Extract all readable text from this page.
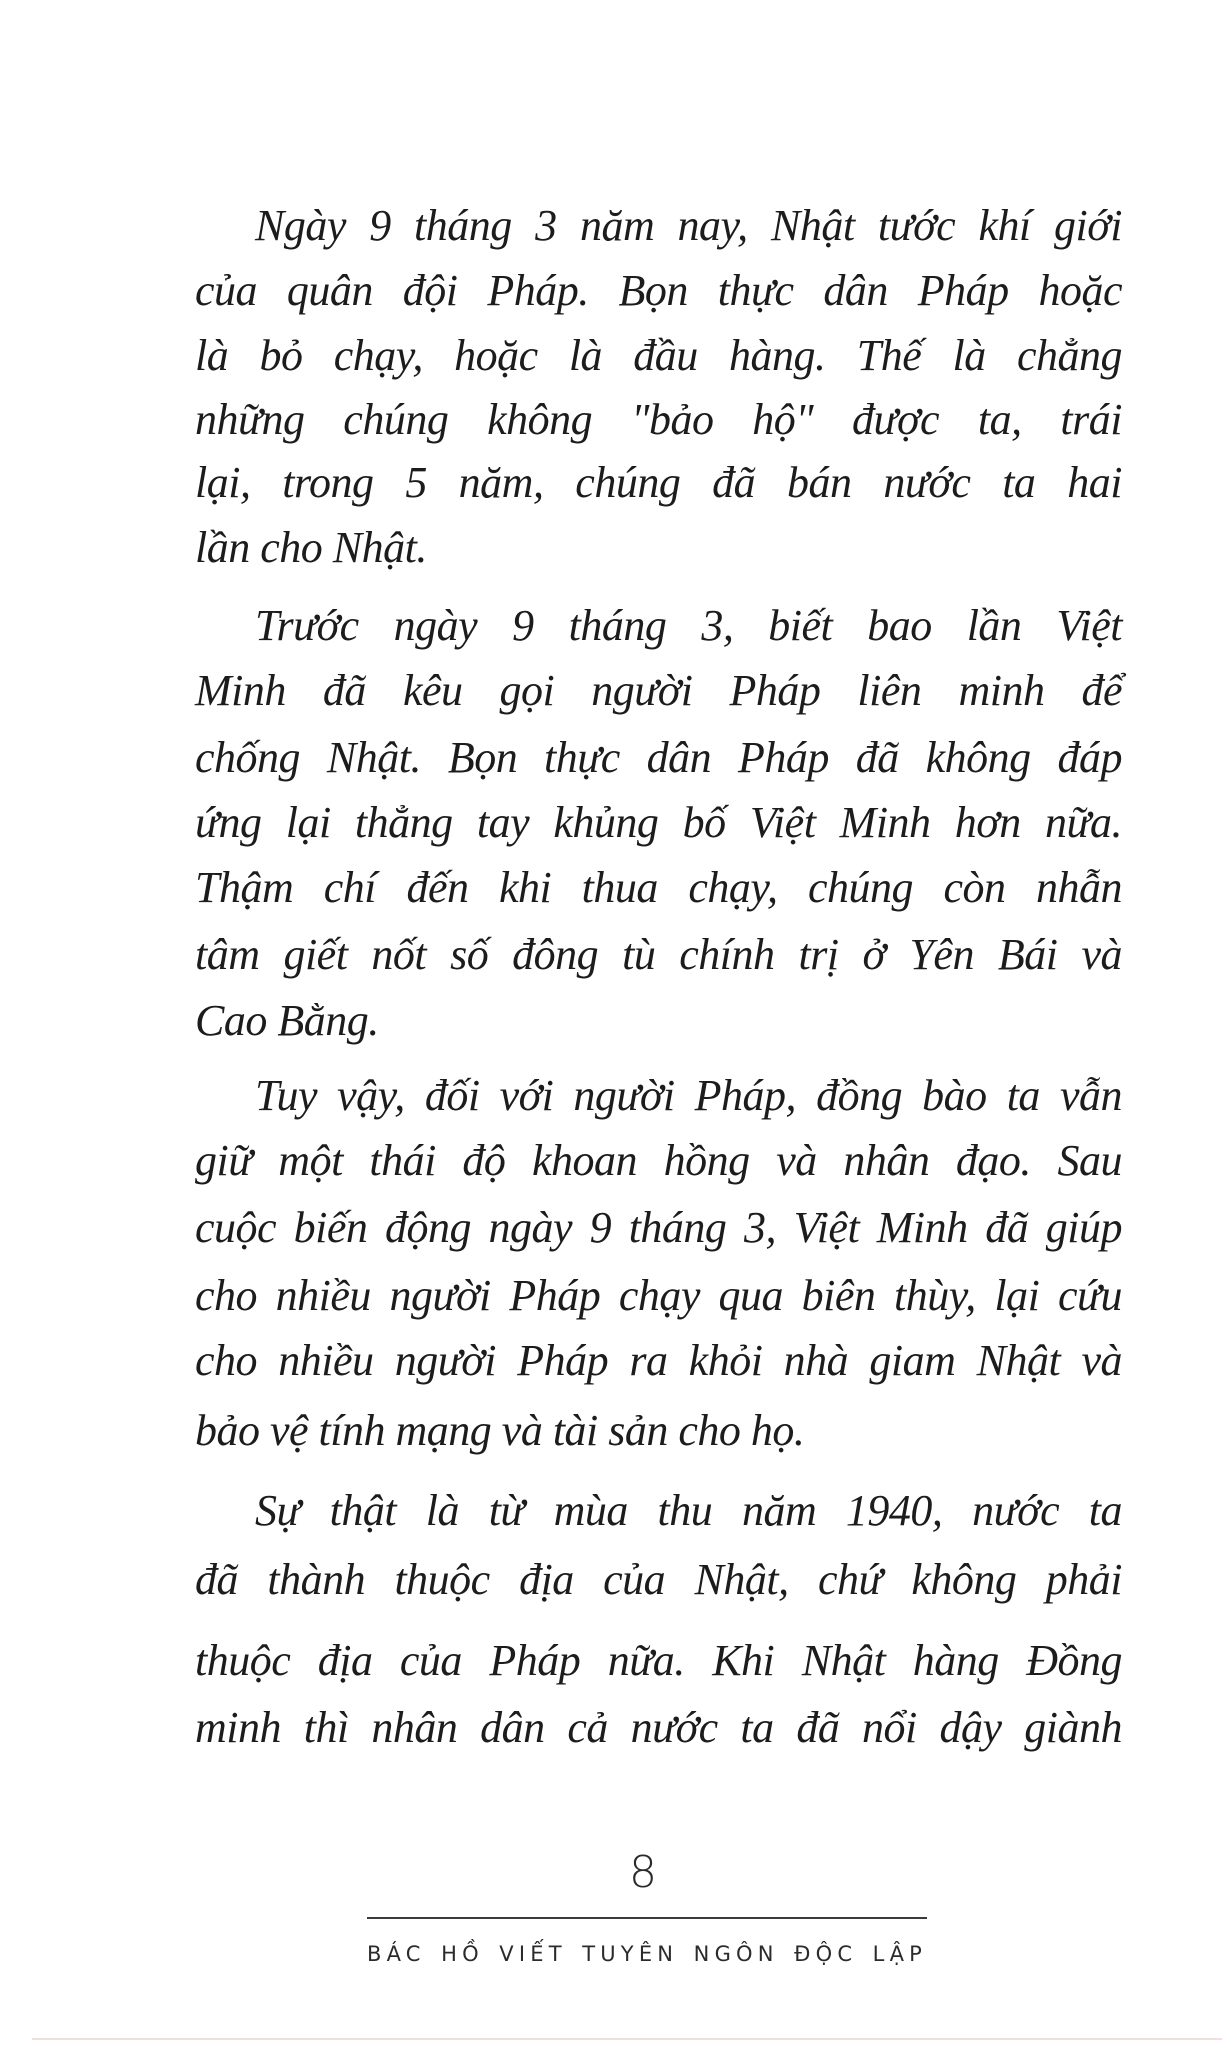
Ngày 9 tháng 3 năm nay, Nhật tước khí giới
của quân đội Pháp. Bọn thực dân Pháp hoặc
là bỏ chạy, hoặc là đầu hàng. Thế là chẳng
những chúng không "bảo hộ" được ta, trái
lại, trong 5 năm, chúng đã bán nước ta hai
lần cho Nhật.
Trước ngày 9 tháng 3, biết bao lần Việt
Minh đã kêu gọi người Pháp liên minh để
chống Nhật. Bọn thực dân Pháp đã không đáp
ứng lại thẳng tay khủng bố Việt Minh hơn nữa.
Thậm chí đến khi thua chạy, chúng còn nhẫn
tâm giết nốt số đông tù chính trị ở Yên Bái và
Cao Bằng.
Tuy vậy, đối với người Pháp, đồng bào ta vẫn
giữ một thái độ khoan hồng và nhân đạo. Sau
cuộc biến động ngày 9 tháng 3, Việt Minh đã giúp
cho nhiều người Pháp chạy qua biên thùy, lại cứu
cho nhiều người Pháp ra khỏi nhà giam Nhật và
bảo vệ tính mạng và tài sản cho họ.
Sự thật là từ mùa thu năm 1940, nước ta
đã thành thuộc địa của Nhật, chứ không phải
thuộc địa của Pháp nữa. Khi Nhật hàng Đồng
minh thì nhân dân cả nước ta đã nổi dậy giành
8
BÁC HỒ VIẾT TUYÊN NGÔN ĐỘC LẬP
